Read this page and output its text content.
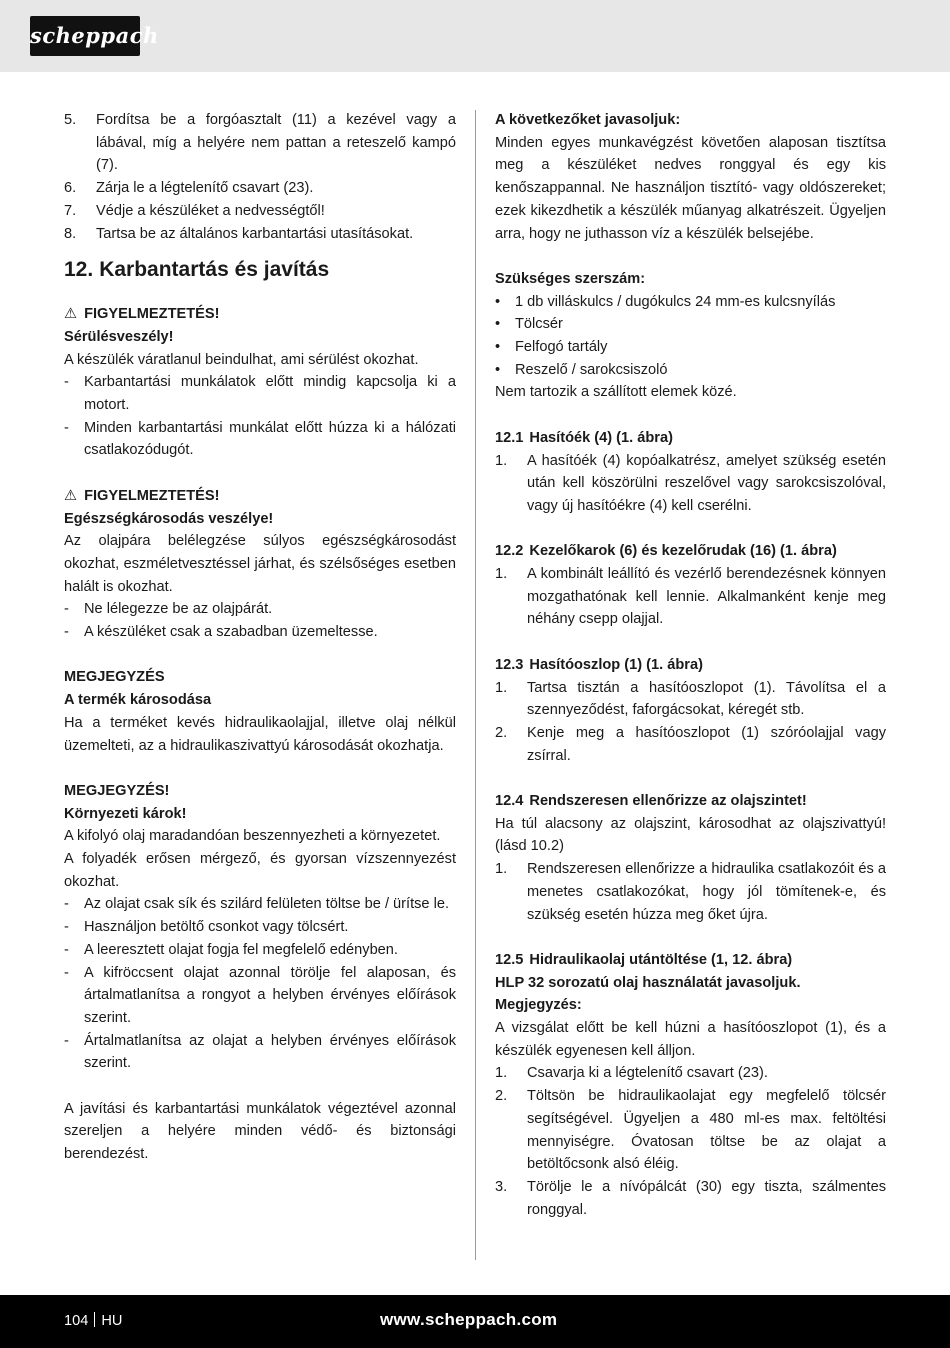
scheppach
5. Fordítsa be a forgóasztalt (11) a kezével vagy a lábával, míg a helyére nem pattan a reteszelő kampó (7).
6. Zárja le a légtelenítő csavart (23).
7. Védje a készüléket a nedvességtől!
8. Tartsa be az általános karbantartási utasításokat.
12. Karbantartás és javítás

⚠ FIGYELMEZTETÉS!

Sérülésveszély!

A készülék váratlanul beindulhat, ami sérülést okozhat.

- Karbantartási munkálatok előtt mindig kapcsolja ki a motort.
- Minden karbantartási munkálat előtt húzza ki a hálózati csatlakozódugót.

⚠ FIGYELMEZTETÉS!

Egészségkárosodás veszélye!

Az olajpára belélegzése súlyos egészségkárosodást okozhat, eszméletvesztéssel járhat, és szélsőséges esetben halált is okozhat.

- Ne lélegezze be az olajpárát.
- A készüléket csak a szabadban üzemeltesse.

MEGJEGYZÉS

A termék károsodása

Ha a terméket kevés hidraulikaolajjal, illetve olaj nélkül üzemelteti, az a hidraulikaszivattyú károsodását okozhatja.

MEGJEGYZÉS!

Környezeti károk!

A kifolyó olaj maradandóan beszennyezheti a környezetet.

A folyadék erősen mérgező, és gyorsan vízszennyezést okozhat.

- Az olajat csak sík és szilárd felületen töltse be / ürítse le.
- Használjon betöltő csonkot vagy tölcsért.
- A leeresztett olajat fogja fel megfelelő edényben.
- A kifröccsent olajat azonnal törölje fel alaposan, és ártalmatlanítsa a rongyot a helyben érvényes előírások szerint.
- Ártalmatlanítsa az olajat a helyben érvényes előírások szerint.

A javítási és karbantartási munkálatok végeztével azonnal szereljen a helyére minden védő- és biztonsági berendezést.

A következőket javasoljuk:

Minden egyes munkavégzést követően alaposan tisztítsa meg a készüléket nedves ronggyal és egy kis kenőszappannal. Ne használjon tisztító- vagy oldószereket; ezek kikezdhetik a készülék műanyag alkatrészeit. Ügyeljen arra, hogy ne juthasson víz a készülék belsejébe.

Szükséges szerszám:

• 1 db villáskulcs / dugókulcs 24 mm-es kulcsnyílás
• Tölcsér
• Felfogó tartály
• Reszelő / sarokcsiszoló

Nem tartozik a szállított elemek közé.

12.1 Hasítóék (4) (1. ábra)

1. A hasítóék (4) kopóalkatrész, amelyet szükség esetén után kell köszörülni reszelővel vagy sarokcsiszolóval, vagy új hasítóékre (4) kell cserélni.

12.2 Kezelőkarok (6) és kezelőrudak (16) (1. ábra)

1. A kombinált leállító és vezérlő berendezésnek könnyen mozgathatónak kell lennie. Alkalmanként kenje meg néhány csepp olajjal.

12.3 Hasítóoszlop (1) (1. ábra)

1. Tartsa tisztán a hasítóoszlopot (1). Távolítsa el a szennyeződést, faforgácsokat, kéregét stb.
2. Kenje meg a hasítóoszlopot (1) szóróolajjal vagy zsírral.

12.4 Rendszeresen ellenőrizze az olajszintet!

Ha túl alacsony az olajszint, károsodhat az olajszivattyú! (lásd 10.2)

1. Rendszeresen ellenőrizze a hidraulika csatlakozóit és a menetes csatlakozókat, hogy jól tömítenek-e, és szükség esetén húzza meg őket újra.

12.5 Hidraulikaolaj utántöltése (1, 12. ábra)

HLP 32 sorozatú olaj használatát javasoljuk.

Megjegyzés:

A vizsgálat előtt be kell húzni a hasítóoszlopot (1), és a készülék egyenesen kell álljon.

1. Csavarja ki a légtelenítő csavart (23).
2. Töltsön be hidraulikaolajat egy megfelelő tölcsér segítségével. Ügyeljen a 480 ml-es max. feltöltési mennyiségre. Óvatosan töltse be az olajat a betöltőcsonk alsó éléig.
3. Törölje le a nívópálcát (30) egy tiszta, szálmentes ronggyal.
104 HU	www.scheppach.com
